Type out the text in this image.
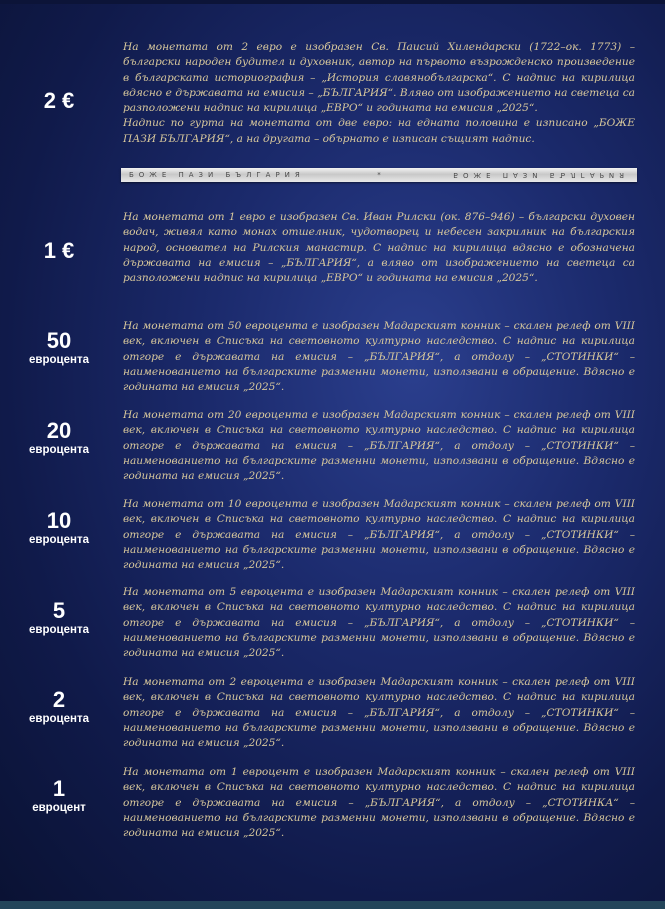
2 €

На монетата от 2 евро е изобразен Св. Паисий Хилендарски (1722–ок. 1773) – български народен будител и духовник, автор на първото възрожденско произведение в българската историография – „История славянобългарска“. С надпис на кирилица вдясно е държавата на емисия – „БЪЛГАРИЯ“. Вляво от изображението на светеца са разположени надпис на кирилица „ЕВРО“ и годината на емисия „2025“.

Надпис по гурта на монетата от две евро: на едната половина е изписано „БОЖЕ ПАЗИ БЪЛГАРИЯ“, а на другата – обърнато е изписан същият надпис.

БОЖЕ ПАЗИ БЪЛГАРИЯ	*	БОЖЕ ПАЗИ БЪЛГАРИЯ
1 €

На монетата от 1 евро е изобразен Св. Иван Рилски (ок. 876–946) – български духовен водач, живял като монах отшелник, чудотворец и небесен закрилник на българския народ, основател на Рилския манастир. С надпис на кирилица вдясно е обозначена държавата на емисия – „БЪЛГАРИЯ“, а вляво от изображението на светеца са разположени надпис на кирилица „ЕВРО“ и годината на емисия „2025“.

50
евроцента

На монетата от 50 евроцента е изобразен Мадарският конник – скален релеф от VIII век, включен в Списъка на световното културно наследство. С надпис на кирилица отгоре е държавата на емисия – „БЪЛГАРИЯ“, а отдолу – „СТОТИНКИ“ – наименованието на българските разменни монети, използвани в обращение. Вдясно е годината на емисия „2025“.

20
евроцента

На монетата от 20 евроцента е изобразен Мадарският конник – скален релеф от VIII век, включен в Списъка на световното културно наследство. С надпис на кирилица отгоре е държавата на емисия – „БЪЛГАРИЯ“, а отдолу – „СТОТИНКИ“ – наименованието на българските разменни монети, използвани в обращение. Вдясно е годината на емисия „2025“.

10
евроцента

На монетата от 10 евроцента е изобразен Мадарският конник – скален релеф от VIII век, включен в Списъка на световното културно наследство. С надпис на кирилица отгоре е държавата на емисия – „БЪЛГАРИЯ“, а отдолу – „СТОТИНКИ“ – наименованието на българските разменни монети, използвани в обращение. Вдясно е годината на емисия „2025“.

5
евроцента

На монетата от 5 евроцента е изобразен Мадарският конник – скален релеф от VIII век, включен в Списъка на световното културно наследство. С надпис на кирилица отгоре е държавата на емисия – „БЪЛГАРИЯ“, а отдолу – „СТОТИНКИ“ – наименованието на българските разменни монети, използвани в обращение. Вдясно е годината на емисия „2025“.

2
евроцента

На монетата от 2 евроцента е изобразен Мадарският конник – скален релеф от VIII век, включен в Списъка на световното културно наследство. С надпис на кирилица отгоре е държавата на емисия – „БЪЛГАРИЯ“, а отдолу – „СТОТИНКИ“ – наименованието на българските разменни монети, използвани в обращение. Вдясно е годината на емисия „2025“.

1
евроцент

На монетата от 1 евроцент е изобразен Мадарският конник – скален релеф от VIII век, включен в Списъка на световното културно наследство. С надпис на кирилица отгоре е държавата на емисия – „БЪЛГАРИЯ“, а отдолу – „СТОТИНКА“ – наименованието на българските разменни монети, използвани в обращение. Вдясно е годината на емисия „2025“.
